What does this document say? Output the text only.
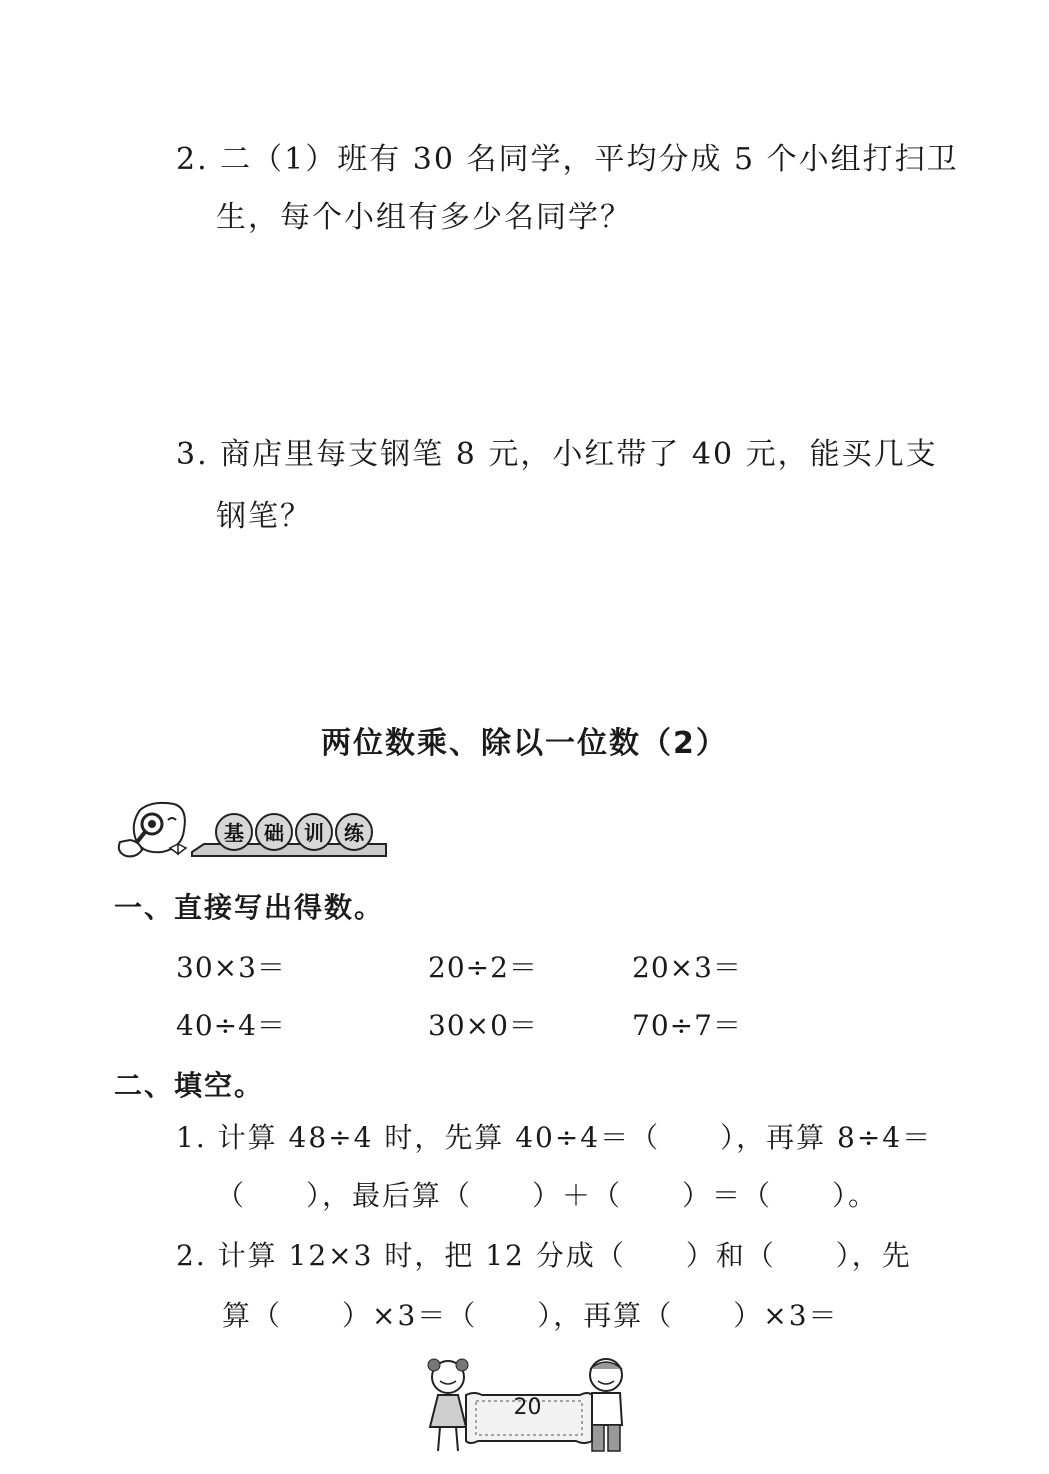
2. 二（1）班有 30 名同学，平均分成 5 个小组打扫卫
生，每个小组有多少名同学？
3. 商店里每支钢笔 8 元，小红带了 40 元，能买几支
钢笔？
两位数乘、除以一位数（2）
基 础 训 练
一、直接写出得数。
30×3＝	20÷2＝	20×3＝
40÷4＝	30×0＝	70÷7＝
二、填空。
1. 计算 48÷4 时，先算 40÷4＝（　　），再算 8÷4＝
（　　），最后算（　　）＋（　　）＝（　　）。
2. 计算 12×3 时，把 12 分成（　　）和（　　），先
算（　　）×3＝（　　），再算（　　）×3＝
20
